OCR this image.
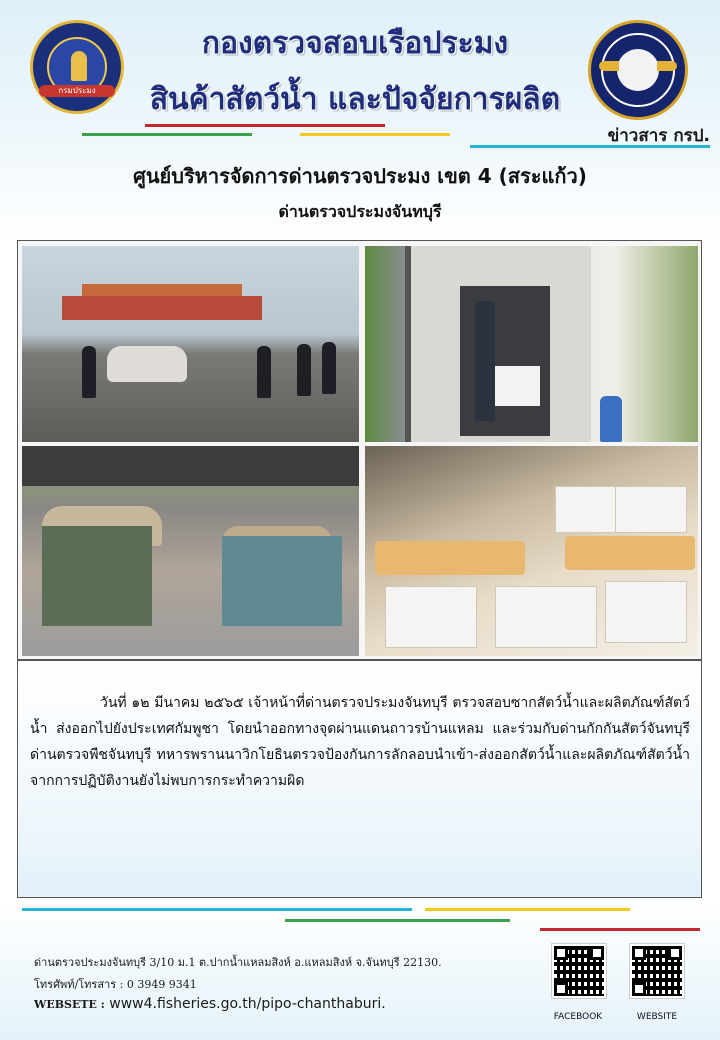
กรมประมง
กองตรวจสอบเรือประมง
สินค้าสัตว์น้ำ และปัจจัยการผลิต
ข่าวสาร กรป.
ศูนย์บริหารจัดการด่านตรวจประมง เขต 4 (สระแก้ว)
ด่านตรวจประมงจันทบุรี
วันที่ ๑๒ มีนาคม ๒๕๖๕ เจ้าหน้าที่ด่านตรวจประมงจันทบุรี ตรวจสอบซากสัตว์น้ำและผลิตภัณฑ์สัตว์น้ำ ส่งออกไปยังประเทศกัมพูชา โดยนำออกทางจุดผ่านแดนถาวรบ้านแหลม และร่วมกับด่านกักกันสัตว์จันทบุรี ด่านตรวจพืชจันทบุรี ทหารพรานนาวิกโยธินตรวจป้องกันการลักลอบนำเข้า-ส่งออกสัตว์น้ำและผลิตภัณฑ์สัตว์น้ำ จากการปฏิบัติงานยังไม่พบการกระทำความผิด
ด่านตรวจประมงจันทบุรี 3/10 ม.1 ต.ปากน้ำแหลมสิงห์ อ.แหลมสิงห์ จ.จันทบุรี 22130.
โทรศัพท์/โทรสาร : 0 3949 9341
WEBSETE : www4.fisheries.go.th/pipo-chanthaburi.
FACEBOOK	WEBSITE
